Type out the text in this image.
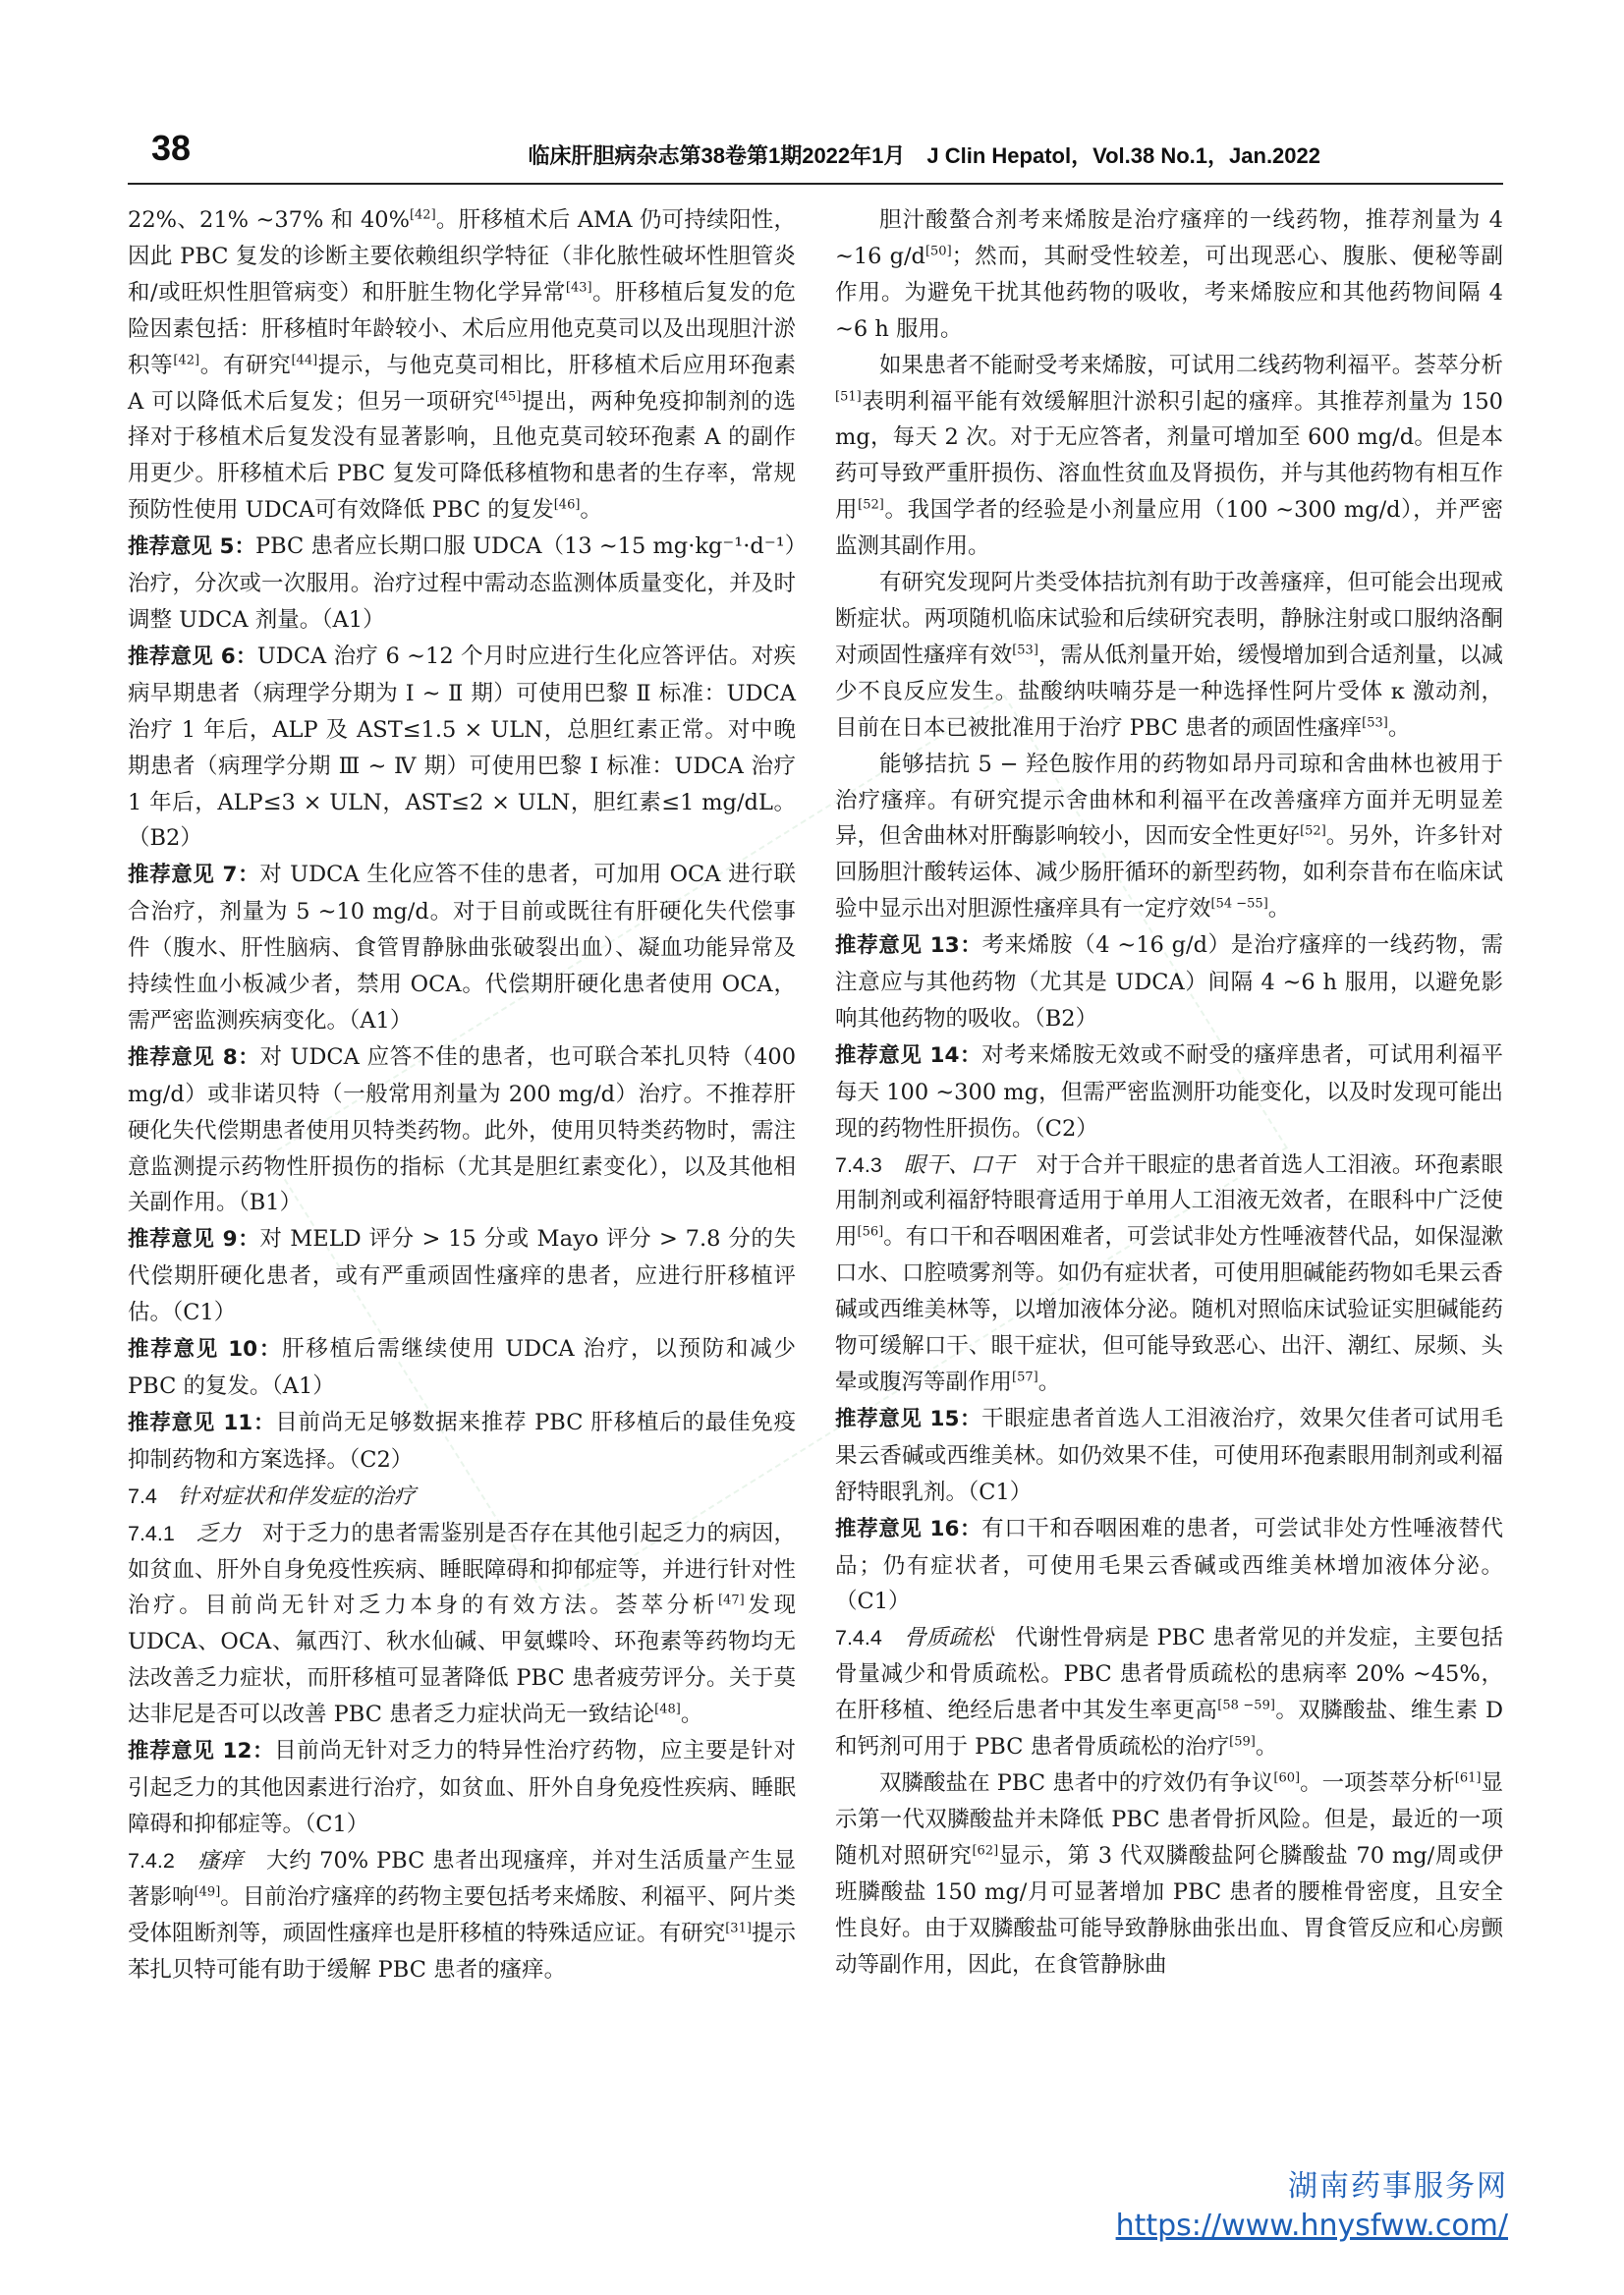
38	临床肝胆病杂志第38卷第1期2022年1月　J Clin Hepatol，Vol.38 No.1，Jan.2022

22%、21% ~37% 和 40%[42]。肝移植术后 AMA 仍可持续阳性，因此 PBC 复发的诊断主要依赖组织学特征（非化脓性破坏性胆管炎和/或旺炽性胆管病变）和肝脏生物化学异常[43]。肝移植后复发的危险因素包括：肝移植时年龄较小、术后应用他克莫司以及出现胆汁淤积等[42]。有研究[44]提示，与他克莫司相比，肝移植术后应用环孢素 A 可以降低术后复发；但另一项研究[45]提出，两种免疫抑制剂的选择对于移植术后复发没有显著影响，且他克莫司较环孢素 A 的副作用更少。肝移植术后 PBC 复发可降低移植物和患者的生存率，常规预防性使用 UDCA可有效降低 PBC 的复发[46]。

推荐意见 5：PBC 患者应长期口服 UDCA（13 ~15 mg·kg⁻¹·d⁻¹）治疗，分次或一次服用。治疗过程中需动态监测体质量变化，并及时调整 UDCA 剂量。（A1）

推荐意见 6：UDCA 治疗 6 ~12 个月时应进行生化应答评估。对疾病早期患者（病理学分期为 Ⅰ ~ Ⅱ 期）可使用巴黎 Ⅱ 标准：UDCA 治疗 1 年后，ALP 及 AST≤1.5 × ULN，总胆红素正常。对中晚期患者（病理学分期 Ⅲ ~ Ⅳ 期）可使用巴黎 Ⅰ 标准：UDCA 治疗 1 年后，ALP≤3 × ULN，AST≤2 × ULN，胆红素≤1 mg/dL。（B2）

推荐意见 7：对 UDCA 生化应答不佳的患者，可加用 OCA 进行联合治疗，剂量为 5 ~10 mg/d。对于目前或既往有肝硬化失代偿事件（腹水、肝性脑病、食管胃静脉曲张破裂出血）、凝血功能异常及持续性血小板减少者，禁用 OCA。代偿期肝硬化患者使用 OCA，需严密监测疾病变化。（A1）

推荐意见 8：对 UDCA 应答不佳的患者，也可联合苯扎贝特（400 mg/d）或非诺贝特（一般常用剂量为 200 mg/d）治疗。不推荐肝硬化失代偿期患者使用贝特类药物。此外，使用贝特类药物时，需注意监测提示药物性肝损伤的指标（尤其是胆红素变化），以及其他相关副作用。（B1）

推荐意见 9：对 MELD 评分 > 15 分或 Mayo 评分 > 7.8 分的失代偿期肝硬化患者，或有严重顽固性瘙痒的患者，应进行肝移植评估。（C1）

推荐意见 10：肝移植后需继续使用 UDCA 治疗，以预防和减少 PBC 的复发。（A1）

推荐意见 11：目前尚无足够数据来推荐 PBC 肝移植后的最佳免疫抑制药物和方案选择。（C2）

7.4 针对症状和伴发症的治疗

7.4.1 乏力 对于乏力的患者需鉴别是否存在其他引起乏力的病因，如贫血、肝外自身免疫性疾病、睡眠障碍和抑郁症等，并进行针对性治疗。目前尚无针对乏力本身的有效方法。荟萃分析[47]发现 UDCA、OCA、氟西汀、秋水仙碱、甲氨蝶呤、环孢素等药物均无法改善乏力症状，而肝移植可显著降低 PBC 患者疲劳评分。关于莫达非尼是否可以改善 PBC 患者乏力症状尚无一致结论[48]。

推荐意见 12：目前尚无针对乏力的特异性治疗药物，应主要是针对引起乏力的其他因素进行治疗，如贫血、肝外自身免疫性疾病、睡眠障碍和抑郁症等。（C1）

7.4.2 瘙痒 大约 70% PBC 患者出现瘙痒，并对生活质量产生显著影响[49]。目前治疗瘙痒的药物主要包括考来烯胺、利福平、阿片类受体阻断剂等，顽固性瘙痒也是肝移植的特殊适应证。有研究[31]提示苯扎贝特可能有助于缓解 PBC 患者的瘙痒。

胆汁酸螯合剂考来烯胺是治疗瘙痒的一线药物，推荐剂量为 4 ~16 g/d[50]；然而，其耐受性较差，可出现恶心、腹胀、便秘等副作用。为避免干扰其他药物的吸收，考来烯胺应和其他药物间隔 4 ~6 h 服用。

如果患者不能耐受考来烯胺，可试用二线药物利福平。荟萃分析[51]表明利福平能有效缓解胆汁淤积引起的瘙痒。其推荐剂量为 150 mg，每天 2 次。对于无应答者，剂量可增加至 600 mg/d。但是本药可导致严重肝损伤、溶血性贫血及肾损伤，并与其他药物有相互作用[52]。我国学者的经验是小剂量应用（100 ~300 mg/d），并严密监测其副作用。

有研究发现阿片类受体拮抗剂有助于改善瘙痒，但可能会出现戒断症状。两项随机临床试验和后续研究表明，静脉注射或口服纳洛酮对顽固性瘙痒有效[53]，需从低剂量开始，缓慢增加到合适剂量，以减少不良反应发生。盐酸纳呋喃芬是一种选择性阿片受体 κ 激动剂，目前在日本已被批准用于治疗 PBC 患者的顽固性瘙痒[53]。

能够拮抗 5 − 羟色胺作用的药物如昂丹司琼和舍曲林也被用于治疗瘙痒。有研究提示舍曲林和利福平在改善瘙痒方面并无明显差异，但舍曲林对肝酶影响较小，因而安全性更好[52]。另外，许多针对回肠胆汁酸转运体、减少肠肝循环的新型药物，如利奈昔布在临床试验中显示出对胆源性瘙痒具有一定疗效[54 −55]。

推荐意见 13：考来烯胺（4 ~16 g/d）是治疗瘙痒的一线药物，需注意应与其他药物（尤其是 UDCA）间隔 4 ~6 h 服用，以避免影响其他药物的吸收。（B2）

推荐意见 14：对考来烯胺无效或不耐受的瘙痒患者，可试用利福平每天 100 ~300 mg，但需严密监测肝功能变化，以及时发现可能出现的药物性肝损伤。（C2）

7.4.3 眼干、口干 对于合并干眼症的患者首选人工泪液。环孢素眼用制剂或利福舒特眼膏适用于单用人工泪液无效者，在眼科中广泛使用[56]。有口干和吞咽困难者，可尝试非处方性唾液替代品，如保湿漱口水、口腔喷雾剂等。如仍有症状者，可使用胆碱能药物如毛果云香碱或西维美林等，以增加液体分泌。随机对照临床试验证实胆碱能药物可缓解口干、眼干症状，但可能导致恶心、出汗、潮红、尿频、头晕或腹泻等副作用[57]。

推荐意见 15：干眼症患者首选人工泪液治疗，效果欠佳者可试用毛果云香碱或西维美林。如仍效果不佳，可使用环孢素眼用制剂或利福舒特眼乳剂。（C1）

推荐意见 16：有口干和吞咽困难的患者，可尝试非处方性唾液替代品；仍有症状者，可使用毛果云香碱或西维美林增加液体分泌。（C1）

7.4.4 骨质疏松 代谢性骨病是 PBC 患者常见的并发症，主要包括骨量减少和骨质疏松。PBC 患者骨质疏松的患病率 20% ~45%，在肝移植、绝经后患者中其发生率更高[58 −59]。双膦酸盐、维生素 D 和钙剂可用于 PBC 患者骨质疏松的治疗[59]。

双膦酸盐在 PBC 患者中的疗效仍有争议[60]。一项荟萃分析[61]显示第一代双膦酸盐并未降低 PBC 患者骨折风险。但是，最近的一项随机对照研究[62]显示，第 3 代双膦酸盐阿仑膦酸盐 70 mg/周或伊班膦酸盐 150 mg/月可显著增加 PBC 患者的腰椎骨密度，且安全性良好。由于双膦酸盐可能导致静脉曲张出血、胃食管反应和心房颤动等副作用，因此，在食管静脉曲

湖南药事服务网
https://www.hnysfww.com/
